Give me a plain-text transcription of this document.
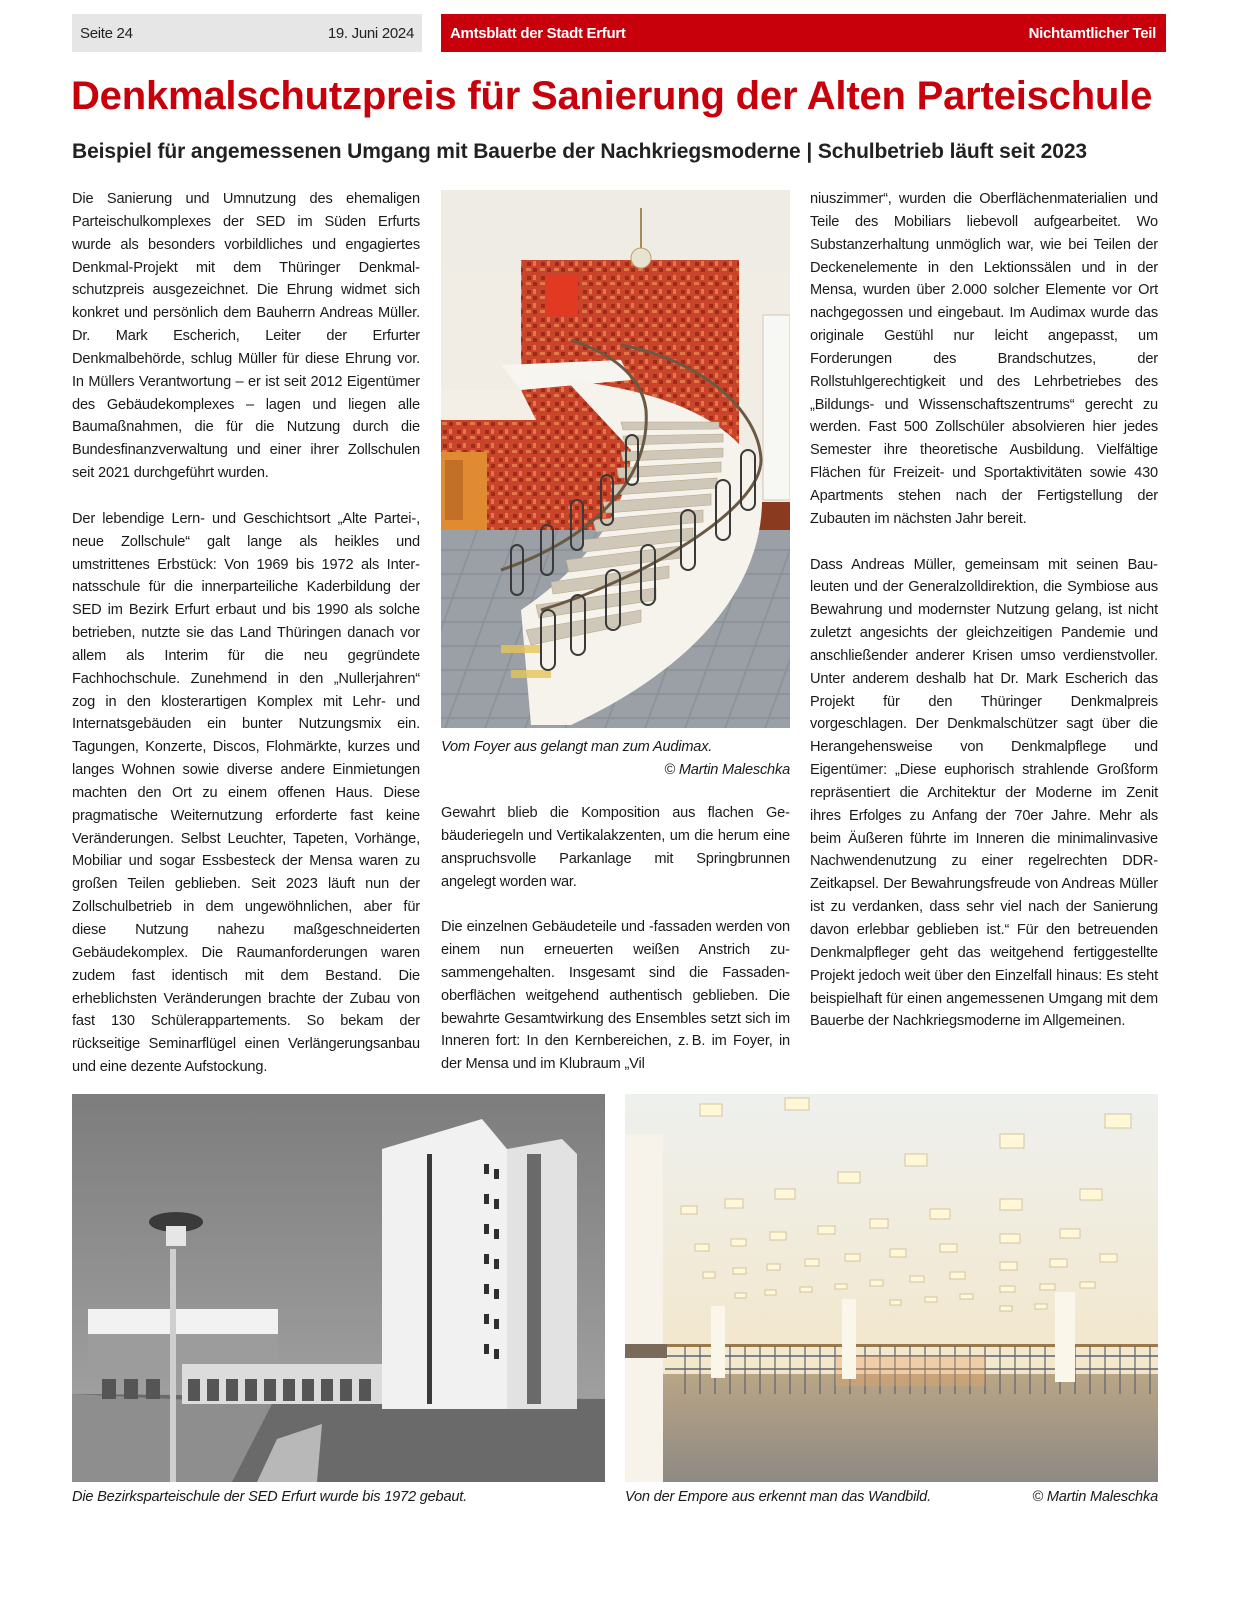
Seite 24	19. Juni 2024 Amtsblatt der Stadt Erfurt	Nichtamtlicher Teil
Denkmalschutzpreis für Sanierung der Alten Parteischule
Beispiel für angemessenen Umgang mit Bauerbe der Nachkriegsmoderne | Schulbetrieb läuft seit 2023

Die Sanierung und Umnutzung des ehemaligen Parteischulkomplexes der SED im Süden Erfurts wurde als besonders vorbildliches und engagiertes Denkmal-Projekt mit dem Thüringer Denkmalschutzpreis ausgezeichnet. Die Ehrung widmet sich konkret und persönlich dem Bauherrn Andreas Müller. Dr. Mark Escherich, Leiter der Erfurter Denkmalbehörde, schlug Müller für diese Ehrung vor. In Müllers Verantwortung – er ist seit 2012 Eigentümer des Gebäudekomplexes – lagen und liegen alle Baumaßnahmen, die für die Nutzung durch die Bundesfinanzverwaltung und einer ihrer Zollschulen seit 2021 durchgeführt wurden.

Der lebendige Lern- und Geschichtsort „Alte Partei-, neue Zollschule“ galt lange als heikles und umstrittenes Erbstück: Von 1969 bis 1972 als Internatsschule für die innerparteiliche Kaderbildung der SED im Bezirk Erfurt erbaut und bis 1990 als solche betrieben, nutzte sie das Land Thüringen danach vor allem als Interim für die neu gegründete Fachhochschule. Zunehmend in den „Nullerjahren“ zog in den klosterartigen Komplex mit Lehr- und Internatsgebäuden ein bunter Nutzungsmix ein. Tagungen, Konzerte, Discos, Flohmärkte, kurzes und langes Wohnen sowie diverse andere Einmietungen machten den Ort zu einem offenen Haus. Diese pragmatische Weiternutzung erforderte fast keine Veränderungen. Selbst Leuchter, Tapeten, Vorhänge, Mobiliar und sogar Essbesteck der Mensa waren zu großen Teilen geblieben. Seit 2023 läuft nun der Zollschulbetrieb in dem ungewöhnlichen, aber für diese Nutzung nahezu maßgeschneiderten Gebäudekomplex. Die Raumanforderungen waren zudem fast identisch mit dem Bestand. Die erheblichsten Veränderungen brachte der Zubau von fast 130 Schülerappartements. So bekam der rückseitige Seminarflügel einen Verlängerungsanbau und eine dezente Aufstockung.

Vom Foyer aus gelangt man zum Audimax.
© Martin Maleschka

Gewahrt blieb die Komposition aus flachen Gebäuderiegeln und Vertikalakzenten, um die herum eine anspruchsvolle Parkanlage mit Springbrunnen angelegt worden war.

Die einzelnen Gebäudeteile und -fassaden werden von einem nun erneuerten weißen Anstrich zusammengehalten. Insgesamt sind die Fassadenoberflächen weitgehend authentisch geblieben. Die bewahrte Gesamtwirkung des Ensembles setzt sich im Inneren fort: In den Kernbereichen, z. B. im Foyer, in der Mensa und im Klubraum „Vil

niuszimmer“, wurden die Oberflächenmaterialien und Teile des Mobiliars liebevoll aufgearbeitet. Wo Substanzerhaltung unmöglich war, wie bei Teilen der Deckenelemente in den Lektionssälen und in der Mensa, wurden über 2.000 solcher Elemente vor Ort nachgegossen und eingebaut. Im Audimax wurde das originale Gestühl nur leicht angepasst, um Forderungen des Brandschutzes, der Rollstuhlgerechtigkeit und des Lehrbetriebes des „Bildungs- und Wissenschaftszentrums“ gerecht zu werden. Fast 500 Zollschüler absolvieren hier jedes Semester ihre theoretische Ausbildung. Vielfältige Flächen für Freizeit- und Sportaktivitäten sowie 430 Apartments stehen nach der Fertigstellung der Zubauten im nächsten Jahr bereit.

Dass Andreas Müller, gemeinsam mit seinen Bauleuten und der Generalzolldirektion, die Symbiose aus Bewahrung und modernster Nutzung gelang, ist nicht zuletzt angesichts der gleichzeitigen Pandemie und anschließender anderer Krisen umso verdienstvoller. Unter anderem deshalb hat Dr. Mark Escherich das Projekt für den Thüringer Denkmalpreis vorgeschlagen. Der Denkmalschützer sagt über die Herangehensweise von Denkmalpflege und Eigentümer: „Diese euphorisch strahlende Großform repräsentiert die Architektur der Moderne im Zenit ihres Erfolges zu Anfang der 70er Jahre. Mehr als beim Äußeren führte im Inneren die minimalinvasive Nachwendenutzung zu einer regelrechten DDR-Zeitkapsel. Der Bewahrungsfreude von Andreas Müller ist zu verdanken, dass sehr viel nach der Sanierung davon erlebbar geblieben ist.“ Für den betreuenden Denkmalpfleger geht das weitgehend fertiggestellte Projekt jedoch weit über den Einzelfall hinaus: Es steht beispielhaft für einen angemessenen Umgang mit dem Bauerbe der Nachkriegsmoderne im Allgemeinen.

Die Bezirksparteischule der SED Erfurt wurde bis 1972 gebaut.	Von der Empore aus erkennt man das Wandbild.	© Martin Maleschka
